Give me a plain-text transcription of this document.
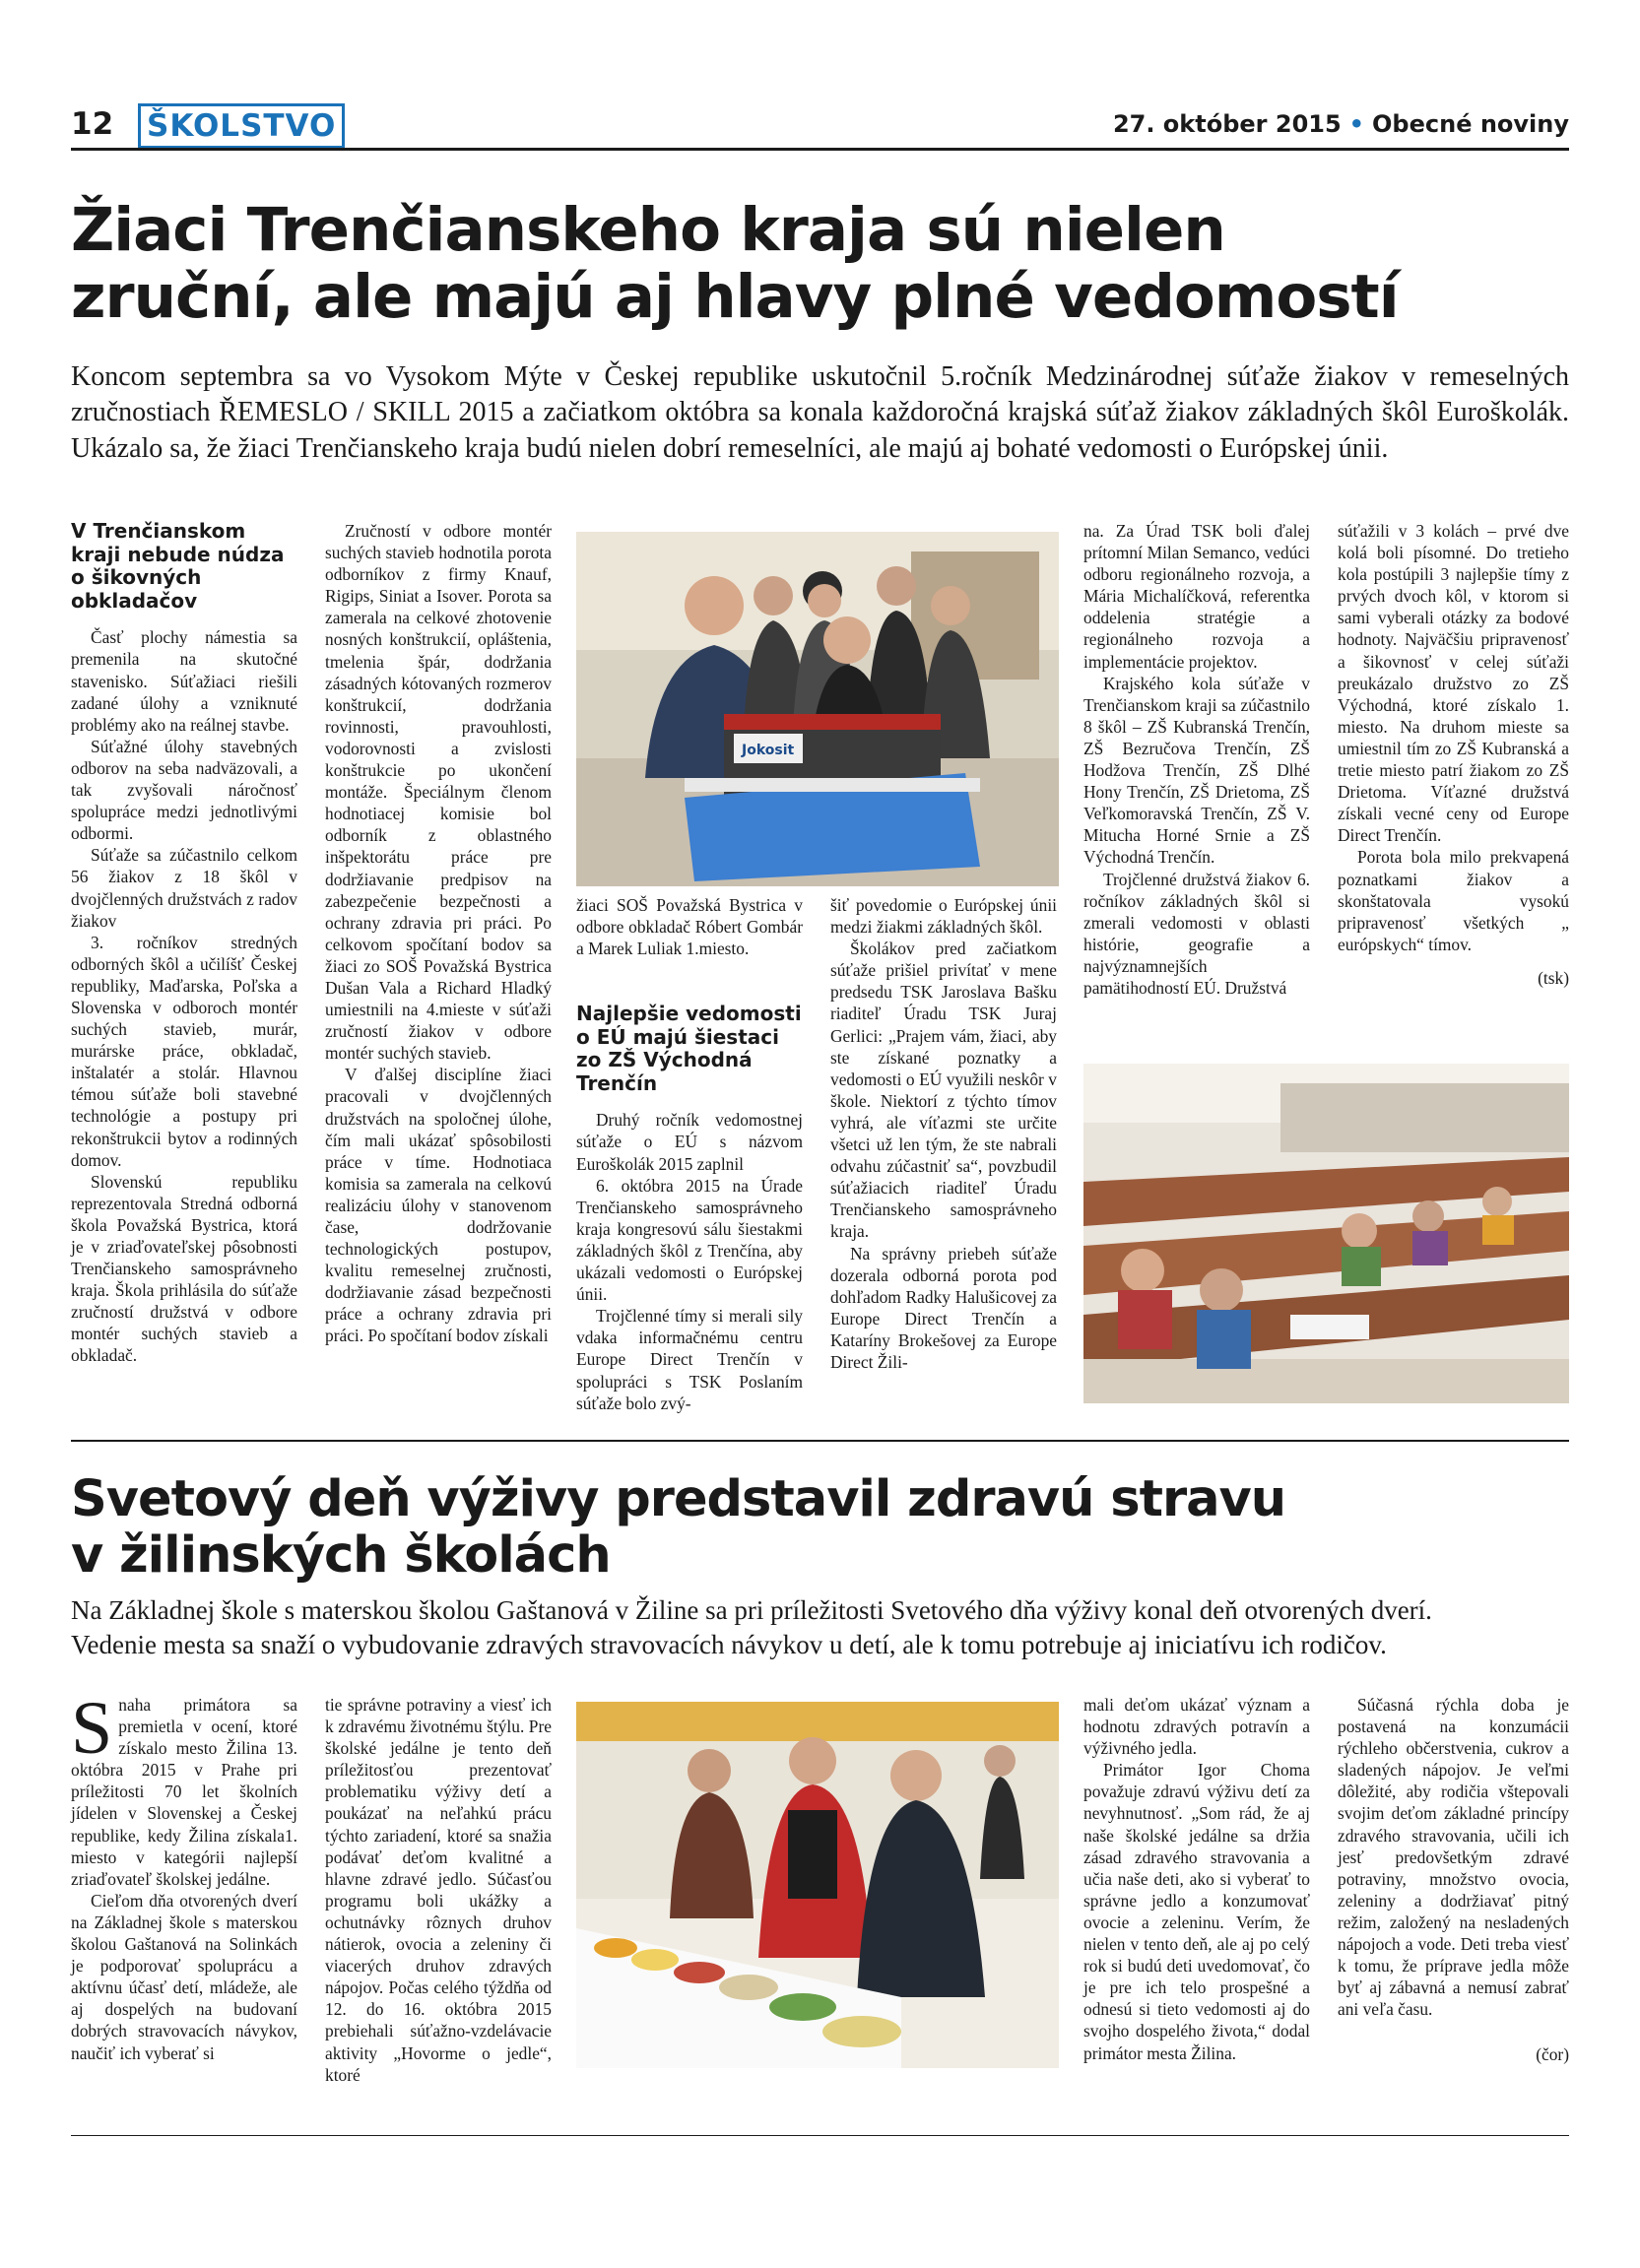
12 ŠKOLSTVO	27. október 2015 • Obecné noviny
Žiaci Trenčianskeho kraja sú nielen
zruční, ale majú aj hlavy plné vedomostí
Koncom septembra sa vo Vysokom Mýte v Českej republike uskutočnil 5.ročník Medzinárodnej súťaže žiakov v remeselných zručnostiach ŘEMESLO / SKILL 2015 a začiatkom októbra sa konala každoročná krajská súťaž žiakov základných škôl Euroškolák. Ukázalo sa, že žiaci Trenčianskeho kraja budú nielen dobrí remeselníci, ale majú aj bohaté vedomosti o Európskej únii.
V Trenčianskom kraji nebude núdza o šikovných obkladačov

Časť plochy námestia sa premenila na skutočné stavenisko. Súťažiaci riešili zadané úlohy a vzniknuté problémy ako na reálnej stavbe.

Súťažné úlohy stavebných odborov na seba nadväzovali, a tak zvyšovali náročnosť spolupráce medzi jednotlivými odbormi.

Súťaže sa zúčastnilo celkom 56 žiakov z 18 škôl v dvojčlenných družstvách z radov žiakov

3. ročníkov stredných odborných škôl a učilíšť Českej republiky, Maďarska, Poľska a Slovenska v odboroch montér suchých stavieb, murár, murárske práce, obkladač, inštalatér a stolár. Hlavnou témou súťaže boli stavebné technológie a postupy pri rekonštrukcii bytov a rodinných domov.

Slovenskú republiku reprezentovala Stredná odborná škola Považská Bystrica, ktorá je v zriaďovateľskej pôsobnosti Trenčianskeho samosprávneho kraja. Škola prihlásila do súťaže zručností družstvá v odbore montér suchých stavieb a obkladač.

Zručností v odbore montér suchých stavieb hodnotila porota odborníkov z firmy Knauf, Rigips, Siniat a Isover. Porota sa zamerala na celkové zhotovenie nosných konštrukcií, opláštenia, tmelenia špár, dodržania zásadných kótovaných rozmerov konštrukcií, dodržania rovinnosti, pravouhlosti, vodorovnosti a zvislosti konštrukcie po ukončení montáže. Špeciálnym členom hodnotiacej komisie bol odborník z oblastného inšpektorátu práce pre dodržiavanie predpisov na zabezpečenie bezpečnosti a ochrany zdravia pri práci. Po celkovom spočítaní bodov sa žiaci zo SOŠ Považská Bystrica Dušan Vala a Richard Hladký umiestnili na 4.mieste v súťaži zručností žiakov v odbore montér suchých stavieb.

V ďalšej disciplíne žiaci pracovali v dvojčlenných družstvách na spoločnej úlohe, čím mali ukázať spôsobilosti práce v tíme. Hodnotiaca komisia sa zamerala na celkovú realizáciu úlohy v stanovenom čase, dodržovanie technologických postupov, kvalitu remeselnej zručnosti, dodržiavanie zásad bezpečnosti práce a ochrany zdravia pri práci. Po spočítaní bodov získali

Jokosit
žiaci SOŠ Považská Bystrica v odbore obkladač Róbert Gombár a Marek Luliak 1.miesto.
Najlepšie vedomosti o EÚ majú šiestaci zo ZŠ Východná Trenčín

Druhý ročník vedomostnej súťaže o EÚ s názvom Euroškolák 2015 zaplnil

6. októbra 2015 na Úrade Trenčianskeho samosprávneho kraja kongresovú sálu šiestakmi základných škôl z Trenčína, aby ukázali vedomosti o Európskej únii.

Trojčlenné tímy si merali sily vdaka informačnému centru Europe Direct Trenčín v spolupráci s TSK Poslaním súťaže bolo zvý-

šiť povedomie o Európskej únii medzi žiakmi základných škôl.

Školákov pred začiatkom súťaže prišiel privítať v mene predsedu TSK Jaroslava Bašku riaditeľ Úradu TSK Juraj Gerlici: „Prajem vám, žiaci, aby ste získané poznatky a vedomosti o EÚ využili neskôr v škole. Niektorí z týchto tímov vyhrá, ale víťazmi ste určite všetci už len tým, že ste nabrali odvahu zúčastniť sa“, povzbudil súťažiacich riaditeľ Úradu Trenčianskeho samosprávneho kraja.

Na správny priebeh súťaže dozerala odborná porota pod dohľadom Radky Halušicovej za Europe Direct Trenčín a Kataríny Brokešovej za Europe Direct Žili-

na. Za Úrad TSK boli ďalej prítomní Milan Semanco, vedúci odboru regionálneho rozvoja, a Mária Michalíčková, referentka oddelenia stratégie a regionálneho rozvoja a implementácie projektov.

Krajského kola súťaže v Trenčianskom kraji sa zúčastnilo 8 škôl – ZŠ Kubranská Trenčín, ZŠ Bezručova Trenčín, ZŠ Hodžova Trenčín, ZŠ Dlhé Hony Trenčín, ZŠ Drietoma, ZŠ Veľkomoravská Trenčín, ZŠ V. Mitucha Horné Srnie a ZŠ Východná Trenčín.

Trojčlenné družstvá žiakov 6. ročníkov základných škôl si zmerali vedomosti v oblasti histórie, geografie a najvýznamnejších pamätihodností EÚ. Družstvá

súťažili v 3 kolách – prvé dve kolá boli písomné. Do tretieho kola postúpili 3 najlepšie tímy z prvých dvoch kôl, v ktorom si sami vyberali otázky za bodové hodnoty. Najväčšiu pripravenosť a šikovnosť v celej súťaži preukázalo družstvo zo ZŠ Východná, ktoré získalo 1. miesto. Na druhom mieste sa umiestnil tím zo ZŠ Kubranská a tretie miesto patrí žiakom zo ZŠ Drietoma. Víťazné družstvá získali vecné ceny od Europe Direct Trenčín.

Porota bola milo prekvapená poznatkami žiakov a skonštatovala vysokú pripravenosť všetkých „ európskych“ tímov.

(tsk)
Svetový deň výživy predstavil zdravú stravu
v žilinských školách
Na Základnej škole s materskou školou Gaštanová v Žiline sa pri príležitosti Svetového dňa výživy konal deň otvorených dverí.
Vedenie mesta sa snaží o vybudovanie zdravých stravovacích návykov u detí, ale k tomu potrebuje aj iniciatívu ich rodičov.

Snaha primátora sa premietla v ocení, ktoré získalo mesto Žilina 13. októbra 2015 v Prahe pri príležitosti 70 let školních jídelen v Slovenskej a Českej republike, kedy Žilina získala1. miesto v kategórii najlepší zriaďovateľ školskej jedálne.

Cieľom dňa otvorených dverí na Základnej škole s materskou školou Gaštanová na Solinkách je podporovať spoluprácu a aktívnu účasť detí, mládeže, ale aj dospelých na budovaní dobrých stravovacích návykov, naučiť ich vyberať si

tie správne potraviny a viesť ich k zdravému životnému štýlu. Pre školské jedálne je tento deň príležitosťou prezentovať problematiku výživy detí a poukázať na neľahkú prácu týchto zariadení, ktoré sa snažia podávať deťom kvalitné a hlavne zdravé jedlo. Súčasťou programu boli ukážky a ochutnávky rôznych druhov nátierok, ovocia a zeleniny či viacerých druhov zdravých nápojov. Počas celého týždňa od 12. do 16. októbra 2015 prebiehali súťažno-vzdelávacie aktivity „Hovorme o jedle“, ktoré

mali deťom ukázať význam a hodnotu zdravých potravín a výživného jedla.

Primátor Igor Choma považuje zdravú výživu detí za nevyhnutnosť. „Som rád, že aj naše školské jedálne sa držia zásad zdravého stravovania a učia naše deti, ako si vyberať to správne jedlo a konzumovať ovocie a zeleninu. Verím, že nielen v tento deň, ale aj po celý rok si budú deti uvedomovať, čo je pre ich telo prospešné a odnesú si tieto vedomosti aj do svojho dospelého života,“ dodal primátor mesta Žilina.

Súčasná rýchla doba je postavená na konzumácii rýchleho občerstvenia, cukrov a sladených nápojov. Je veľmi dôležité, aby rodičia vštepovali svojim deťom základné princípy zdravého stravovania, učili ich jesť predovšetkým zdravé potraviny, množstvo ovocia, zeleniny a dodržiavať pitný režim, založený na nesladených nápojoch a vode. Deti treba viesť k tomu, že príprave jedla môže byť aj zábavná a nemusí zabrať ani veľa času.

(čor)
